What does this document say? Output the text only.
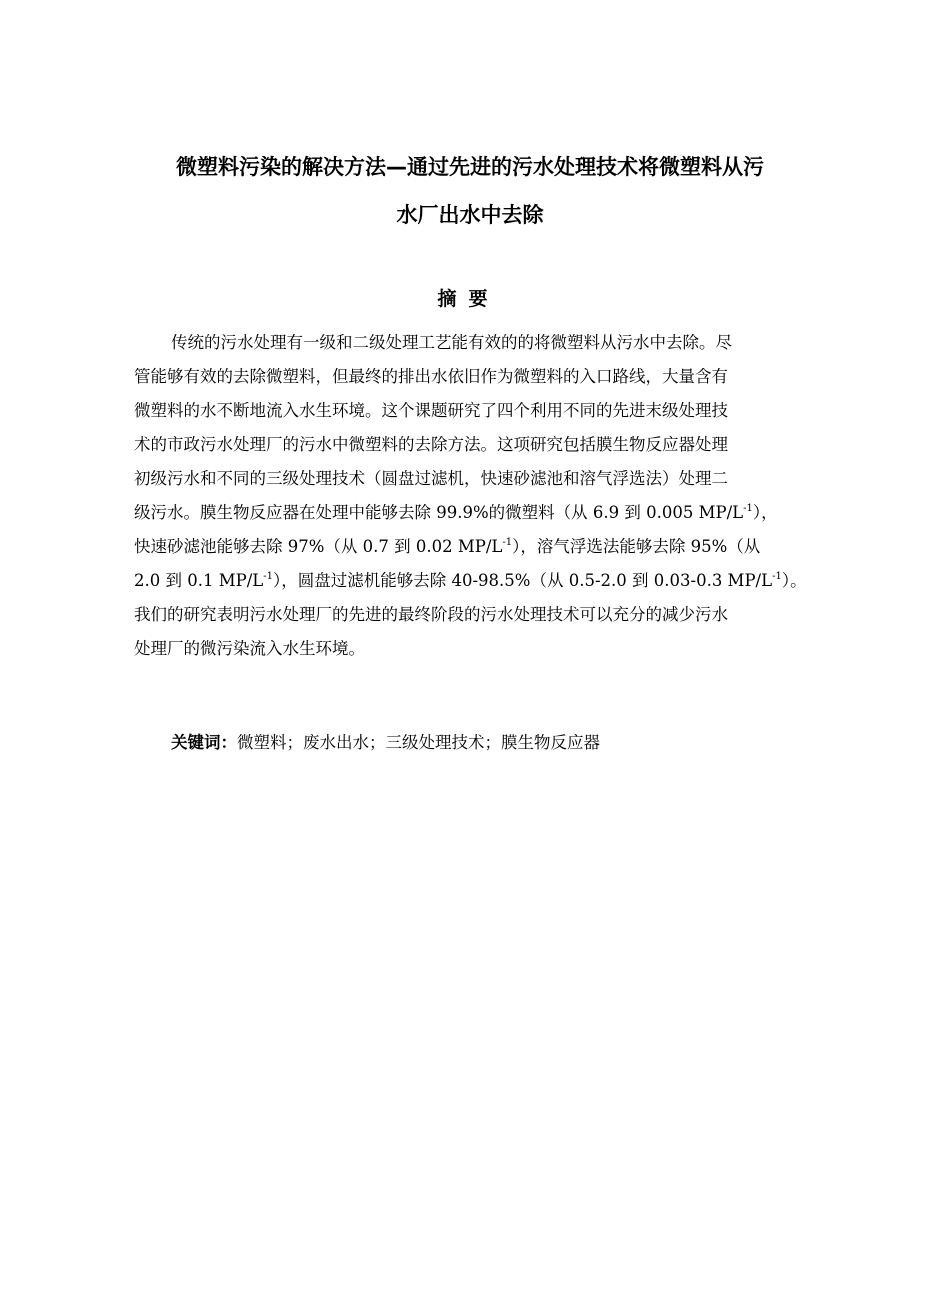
微塑料污染的解决方法—通过先进的污水处理技术将微塑料从污
水厂出水中去除
摘要
传统的污水处理有一级和二级处理工艺能有效的的将微塑料从污水中去除。尽
管能够有效的去除微塑料，但最终的排出水依旧作为微塑料的入口路线，大量含有
微塑料的水不断地流入水生环境。这个课题研究了四个利用不同的先进末级处理技
术的市政污水处理厂的污水中微塑料的去除方法。这项研究包括膜生物反应器处理
初级污水和不同的三级处理技术（圆盘过滤机，快速砂滤池和溶气浮选法）处理二
级污水。膜生物反应器在处理中能够去除 99.9%的微塑料（从 6.9 到 0.005 $MP/L^{-1}$），
快速砂滤池能够去除 97%（从 0.7 到 0.02 $MP/L^{-1}$），溶气浮选法能够去除 95%（从
2.0 到 0.1 $MP/L^{-1}$），圆盘过滤机能够去除 40-98.5%（从 0.5-2.0 到 0.03-0.3 $MP/L^{-1}$）。
我们的研究表明污水处理厂的先进的最终阶段的污水处理技术可以充分的减少污水
处理厂的微污染流入水生环境。
关键词：微塑料；废水出水；三级处理技术；膜生物反应器
